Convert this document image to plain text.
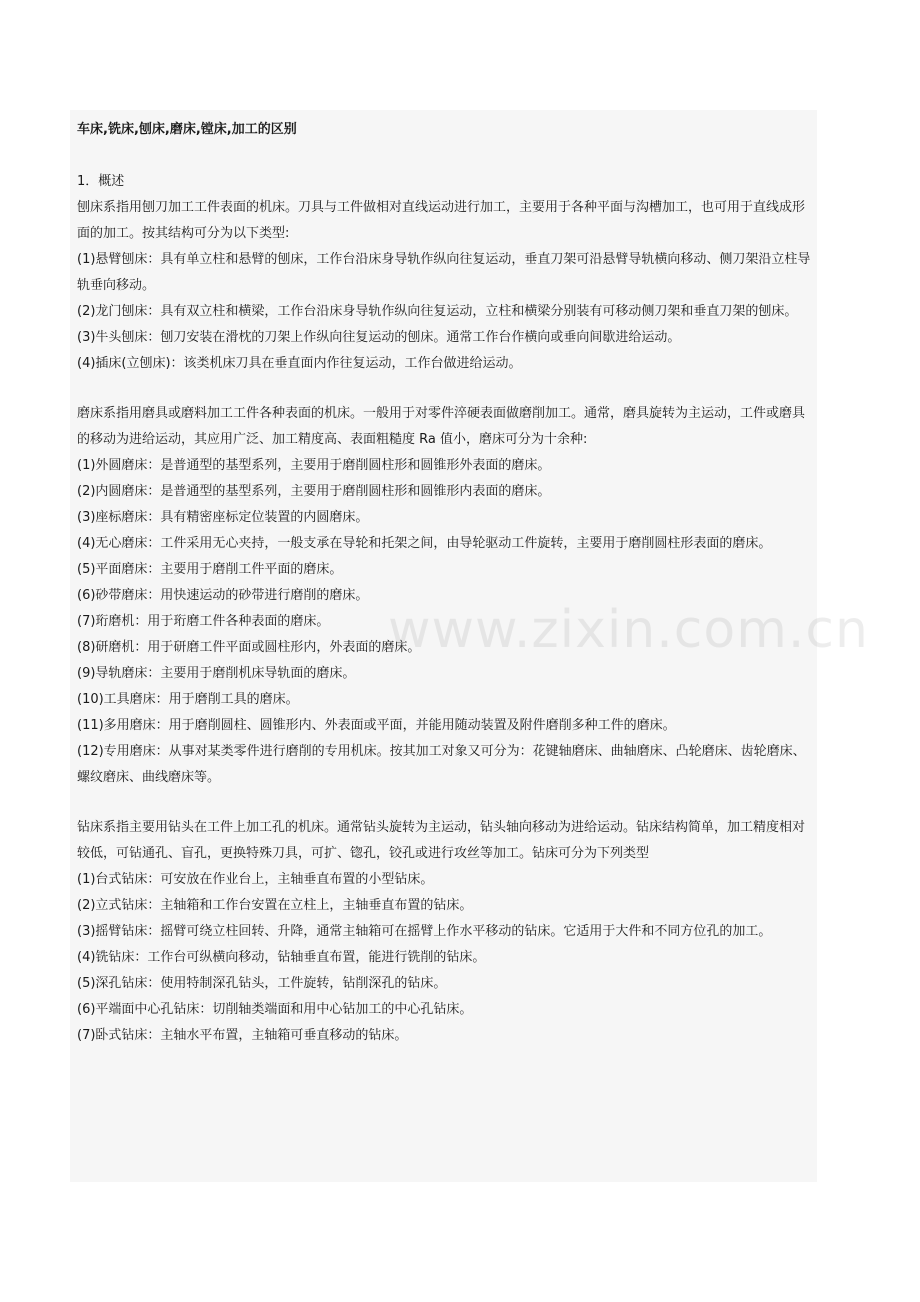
车床,铣床,刨床,磨床,镗床,加工的区别
1．概述

刨床系指用刨刀加工工件表面的机床。刀具与工件做相对直线运动进行加工，主要用于各种平面与沟槽加工，也可用于直线成形面的加工。按其结构可分为以下类型:

(1)悬臂刨床：具有单立柱和悬臂的刨床，工作台沿床身导轨作纵向往复运动，垂直刀架可沿悬臂导轨横向移动、侧刀架沿立柱导轨垂向移动。

(2)龙门刨床：具有双立柱和横梁，工作台沿床身导轨作纵向往复运动，立柱和横梁分别装有可移动侧刀架和垂直刀架的刨床。

(3)牛头刨床：刨刀安装在滑枕的刀架上作纵向往复运动的刨床。通常工作台作横向或垂向间歇进给运动。

(4)插床(立刨床)：该类机床刀具在垂直面内作往复运动，工作台做进给运动。

磨床系指用磨具或磨料加工工件各种表面的机床。一般用于对零件淬硬表面做磨削加工。通常，磨具旋转为主运动，工件或磨具的移动为进给运动，其应用广泛、加工精度高、表面粗糙度 Ra 值小，磨床可分为十余种:

(1)外圆磨床：是普通型的基型系列，主要用于磨削圆柱形和圆锥形外表面的磨床。

(2)内圆磨床：是普通型的基型系列，主要用于磨削圆柱形和圆锥形内表面的磨床。

(3)座标磨床：具有精密座标定位装置的内圆磨床。

(4)无心磨床：工件采用无心夹持，一般支承在导轮和托架之间，由导轮驱动工件旋转，主要用于磨削圆柱形表面的磨床。

(5)平面磨床：主要用于磨削工件平面的磨床。

(6)砂带磨床：用快速运动的砂带进行磨削的磨床。

(7)珩磨机：用于珩磨工件各种表面的磨床。

(8)研磨机：用于研磨工件平面或圆柱形内，外表面的磨床。

(9)导轨磨床：主要用于磨削机床导轨面的磨床。

(10)工具磨床：用于磨削工具的磨床。

(11)多用磨床：用于磨削圆柱、圆锥形内、外表面或平面，并能用随动装置及附件磨削多种工件的磨床。

(12)专用磨床：从事对某类零件进行磨削的专用机床。按其加工对象又可分为：花键轴磨床、曲轴磨床、凸轮磨床、齿轮磨床、螺纹磨床、曲线磨床等。

钻床系指主要用钻头在工件上加工孔的机床。通常钻头旋转为主运动，钻头轴向移动为进给运动。钻床结构简单，加工精度相对较低，可钻通孔、盲孔，更换特殊刀具，可扩、锪孔，铰孔或进行攻丝等加工。钻床可分为下列类型

(1)台式钻床：可安放在作业台上，主轴垂直布置的小型钻床。

(2)立式钻床：主轴箱和工作台安置在立柱上，主轴垂直布置的钻床。

(3)摇臂钻床：摇臂可绕立柱回转、升降，通常主轴箱可在摇臂上作水平移动的钻床。它适用于大件和不同方位孔的加工。

(4)铣钻床：工作台可纵横向移动，钻轴垂直布置，能进行铣削的钻床。

(5)深孔钻床：使用特制深孔钻头，工件旋转，钻削深孔的钻床。

(6)平端面中心孔钻床：切削轴类端面和用中心钻加工的中心孔钻床。

(7)卧式钻床：主轴水平布置，主轴箱可垂直移动的钻床。
